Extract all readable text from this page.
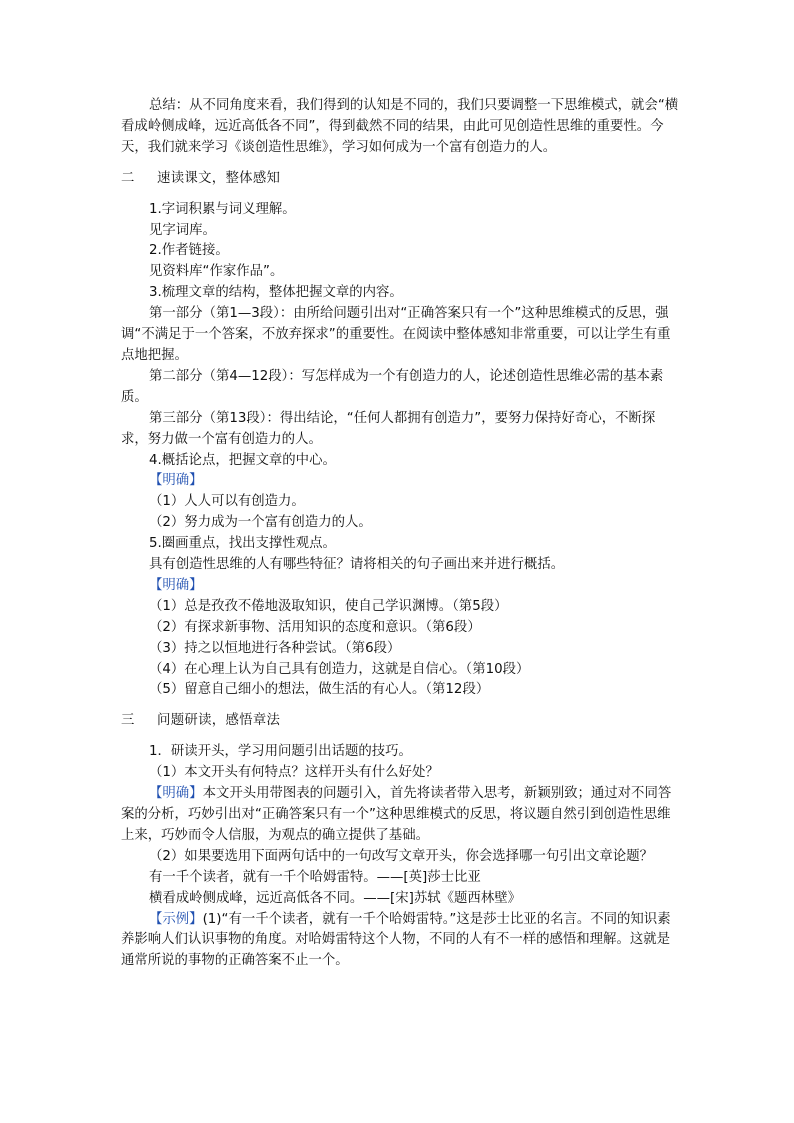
总结：从不同角度来看，我们得到的认知是不同的，我们只要调整一下思维模式，就会“横看成岭侧成峰，远近高低各不同”，得到截然不同的结果，由此可见创造性思维的重要性。今天，我们就来学习《谈创造性思维》，学习如何成为一个富有创造力的人。

二 速读课文，整体感知

1.字词积累与词义理解。

见字词库。

2.作者链接。

见资料库“作家作品”。

3.梳理文章的结构，整体把握文章的内容。

第一部分（第1—3段）：由所给问题引出对“正确答案只有一个”这种思维模式的反思，强调“不满足于一个答案，不放弃探求”的重要性。在阅读中整体感知非常重要，可以让学生有重点地把握。

第二部分（第4—12段）：写怎样成为一个有创造力的人，论述创造性思维必需的基本素质。

第三部分（第13段）：得出结论，“任何人都拥有创造力”，要努力保持好奇心，不断探求，努力做一个富有创造力的人。

4.概括论点，把握文章的中心。

【明确】

（1）人人可以有创造力。

（2）努力成为一个富有创造力的人。

5.圈画重点，找出支撑性观点。

具有创造性思维的人有哪些特征？请将相关的句子画出来并进行概括。

【明确】

（1）总是孜孜不倦地汲取知识，使自己学识渊博。（第5段）

（2）有探求新事物、活用知识的态度和意识。（第6段）

（3）持之以恒地进行各种尝试。（第6段）

（4）在心理上认为自己具有创造力，这就是自信心。（第10段）

（5）留意自己细小的想法，做生活的有心人。（第12段）

三 问题研读，感悟章法

1．研读开头，学习用问题引出话题的技巧。

（1）本文开头有何特点？这样开头有什么好处？

【明确】本文开头用带图表的问题引入，首先将读者带入思考，新颖别致；通过对不同答案的分析，巧妙引出对“正确答案只有一个”这种思维模式的反思，将议题自然引到创造性思维上来，巧妙而令人信服，为观点的确立提供了基础。

（2）如果要选用下面两句话中的一句改写文章开头，你会选择哪一句引出文章论题？

有一千个读者，就有一千个哈姆雷特。——[英]莎士比亚

横看成岭侧成峰，远近高低各不同。——[宋]苏轼《题西林壁》

【示例】(1)“有一千个读者，就有一千个哈姆雷特。”这是莎士比亚的名言。不同的知识素养影响人们认识事物的角度。对哈姆雷特这个人物，不同的人有不一样的感悟和理解。这就是通常所说的事物的正确答案不止一个。
